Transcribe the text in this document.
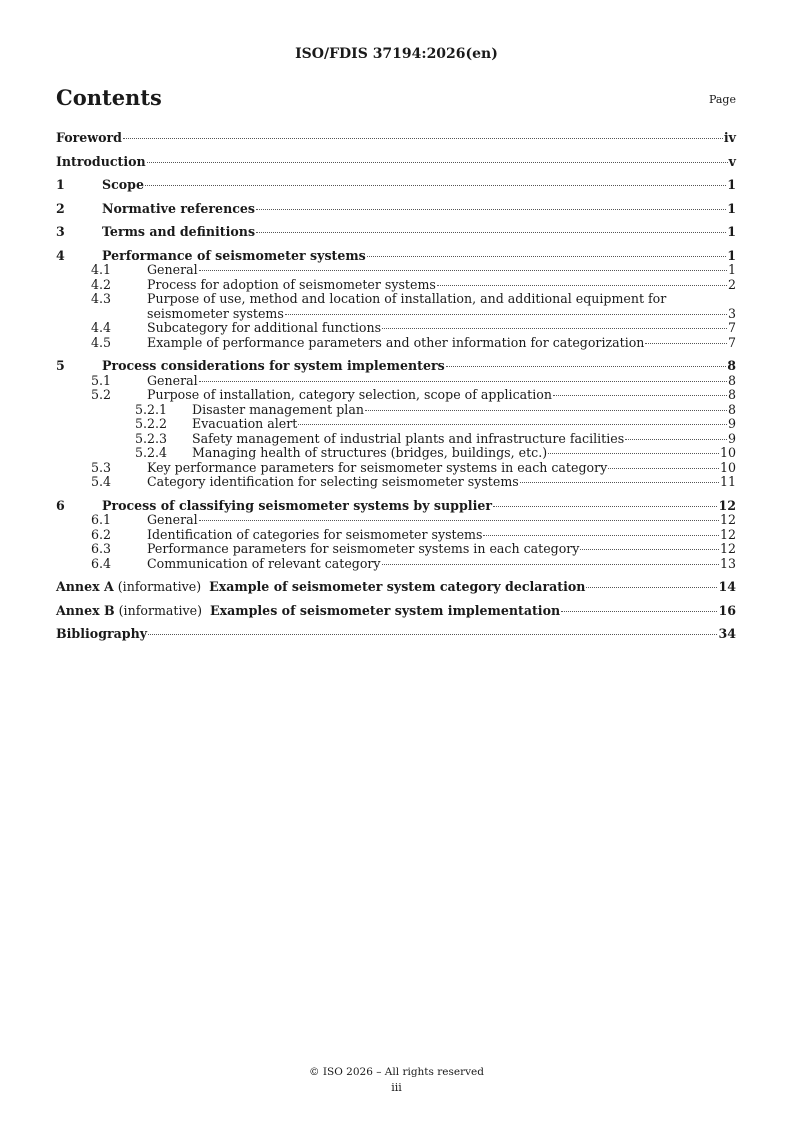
ISO/FDIS 37194:2026(en)
Contents	Page
Foreword	iv
Introduction	v
1	Scope	1
2	Normative references	1
3	Terms and definitions	1
4	Performance of seismometer systems	1
4.1	General	1
4.2	Process for adoption of seismometer systems	2
4.3	Purpose of use, method and location of installation, and additional equipment for
seismometer systems	3
4.4	Subcategory for additional functions	7
4.5	Example of performance parameters and other information for categorization	7
5	Process considerations for system implementers	8
5.1	General	8
5.2	Purpose of installation, category selection, scope of application	8
5.2.1	Disaster management plan	8
5.2.2	Evacuation alert	9
5.2.3	Safety management of industrial plants and infrastructure facilities	9
5.2.4	Managing health of structures (bridges, buildings, etc.)	10
5.3	Key performance parameters for seismometer systems in each category	10
5.4	Category identification for selecting seismometer systems	11
6	Process of classifying seismometer systems by supplier	12
6.1	General	12
6.2	Identification of categories for seismometer systems	12
6.3	Performance parameters for seismometer systems in each category	12
6.4	Communication of relevant category	13
Annex A (informative) Example of seismometer system category declaration	14
Annex B (informative) Examples of seismometer system implementation	16
Bibliography	34
© ISO 2026 – All rights reserved
iii
